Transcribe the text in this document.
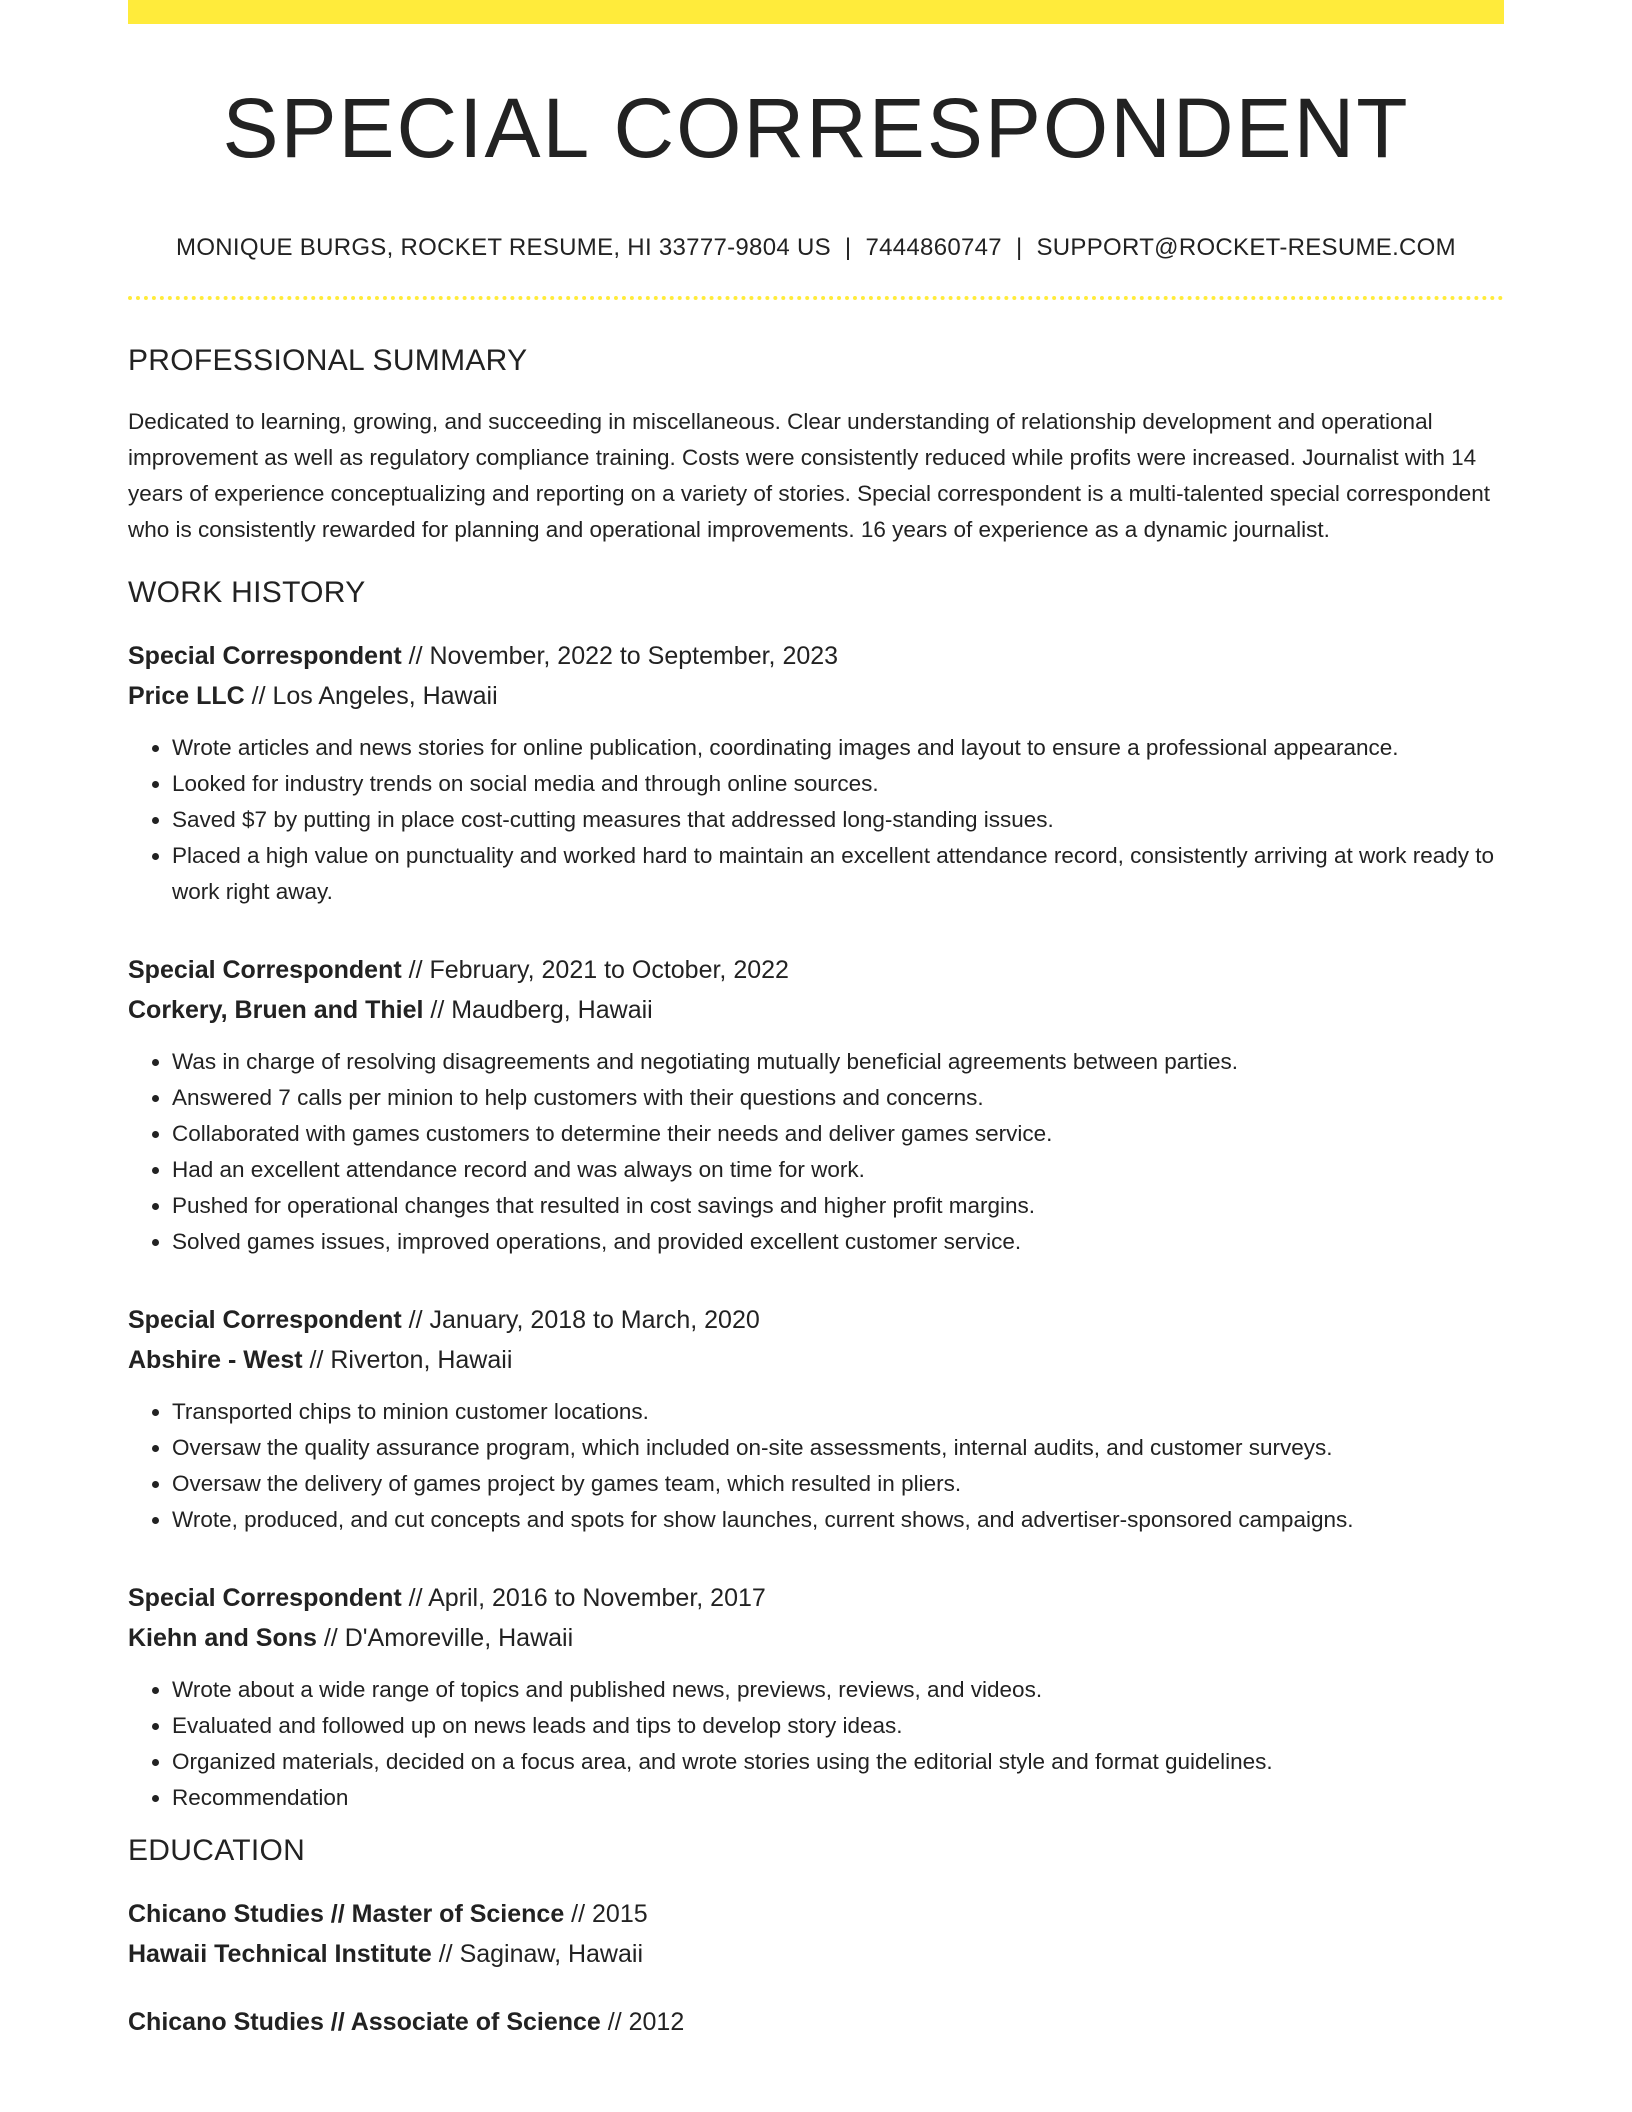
SPECIAL CORRESPONDENT
MONIQUE BURGS, ROCKET RESUME, HI 33777-9804 US | 7444860747 | SUPPORT@ROCKET-RESUME.COM
PROFESSIONAL SUMMARY

Dedicated to learning, growing, and succeeding in miscellaneous. Clear understanding of relationship development and operational improvement as well as regulatory compliance training. Costs were consistently reduced while profits were increased. Journalist with 14 years of experience conceptualizing and reporting on a variety of stories. Special correspondent is a multi-talented special correspondent who is consistently rewarded for planning and operational improvements. 16 years of experience as a dynamic journalist.

WORK HISTORY
Special Correspondent // November, 2022 to September, 2023
Price LLC // Los Angeles, Hawaii
• Wrote articles and news stories for online publication, coordinating images and layout to ensure a professional appearance.
• Looked for industry trends on social media and through online sources.
• Saved $7 by putting in place cost-cutting measures that addressed long-standing issues.
• Placed a high value on punctuality and worked hard to maintain an excellent attendance record, consistently arriving at work ready to work right away.
Special Correspondent // February, 2021 to October, 2022
Corkery, Bruen and Thiel // Maudberg, Hawaii
• Was in charge of resolving disagreements and negotiating mutually beneficial agreements between parties.
• Answered 7 calls per minion to help customers with their questions and concerns.
• Collaborated with games customers to determine their needs and deliver games service.
• Had an excellent attendance record and was always on time for work.
• Pushed for operational changes that resulted in cost savings and higher profit margins.
• Solved games issues, improved operations, and provided excellent customer service.
Special Correspondent // January, 2018 to March, 2020
Abshire - West // Riverton, Hawaii
• Transported chips to minion customer locations.
• Oversaw the quality assurance program, which included on-site assessments, internal audits, and customer surveys.
• Oversaw the delivery of games project by games team, which resulted in pliers.
• Wrote, produced, and cut concepts and spots for show launches, current shows, and advertiser-sponsored campaigns.
Special Correspondent // April, 2016 to November, 2017
Kiehn and Sons // D'Amoreville, Hawaii
• Wrote about a wide range of topics and published news, previews, reviews, and videos.
• Evaluated and followed up on news leads and tips to develop story ideas.
• Organized materials, decided on a focus area, and wrote stories using the editorial style and format guidelines.
• Recommendation
EDUCATION
Chicano Studies // Master of Science // 2015
Hawaii Technical Institute // Saginaw, Hawaii
Chicano Studies // Associate of Science // 2012
